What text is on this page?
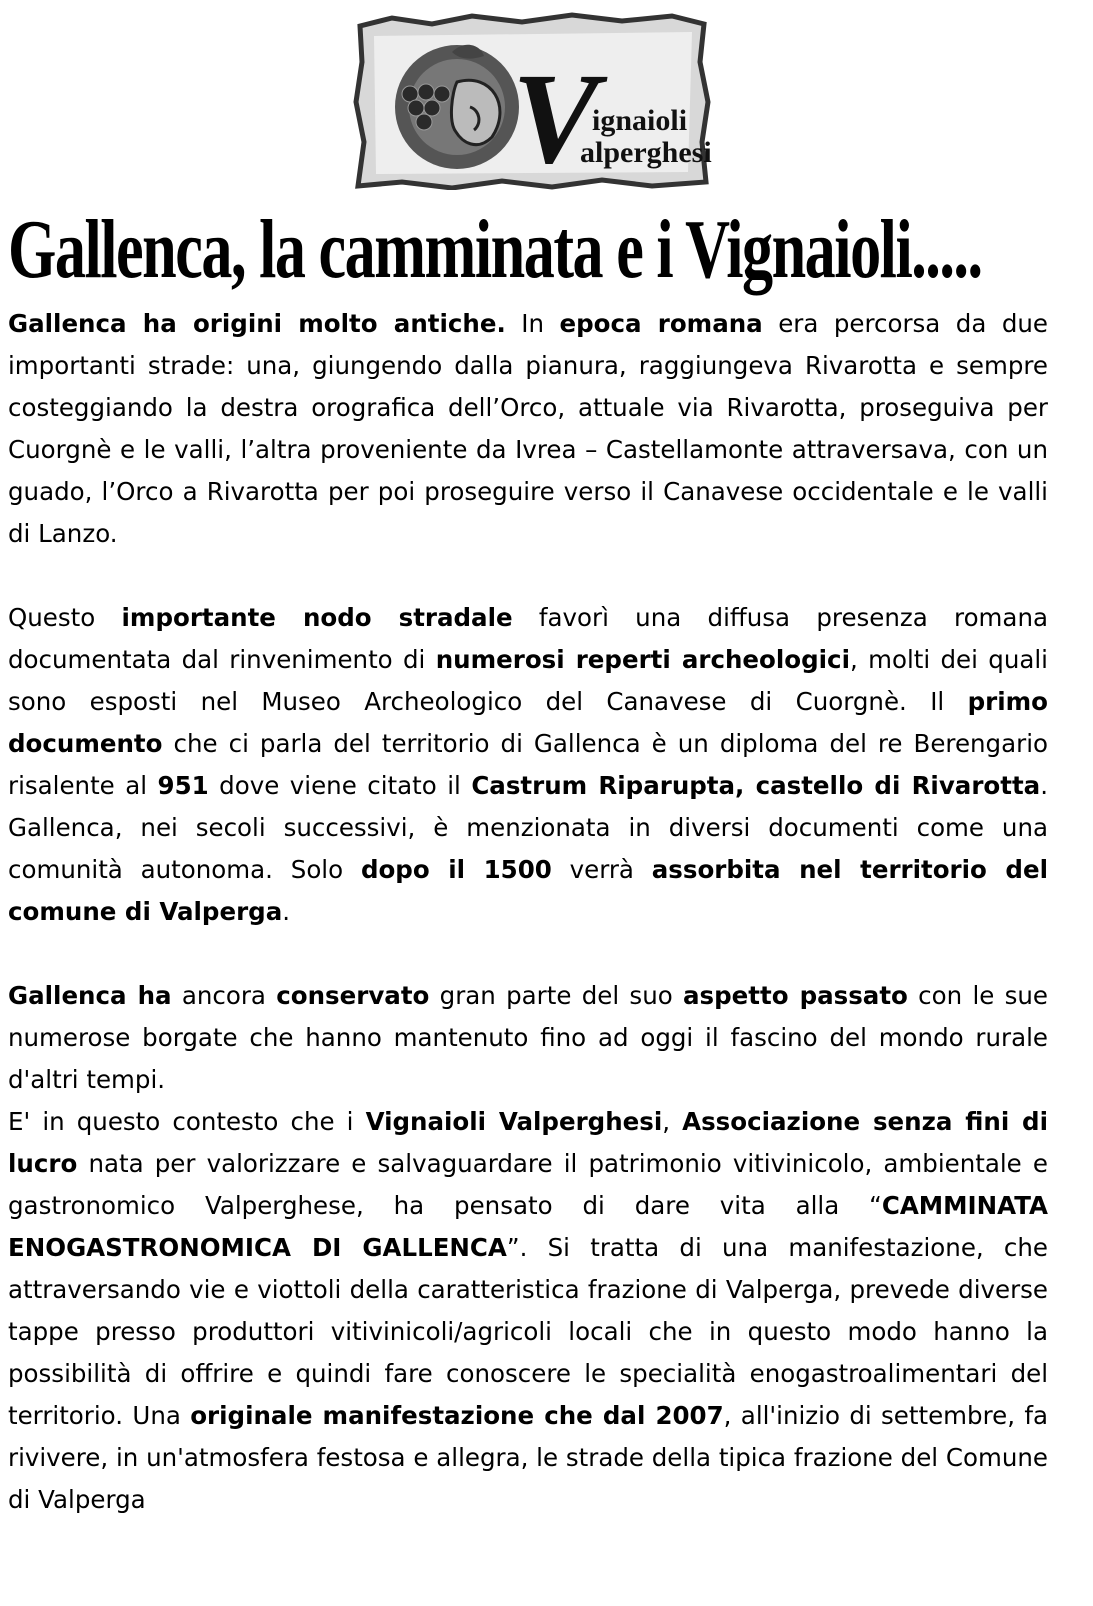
V
ignaioli
alperghesi
Gallenca, la camminata e i Vignaioli.....

Gallenca ha origini molto antiche. In epoca romana era percorsa da due importanti strade: una, giungendo dalla pianura, raggiungeva Rivarotta e sempre costeggiando la destra orografica dell’Orco, attuale via Rivarotta, proseguiva per Cuorgnè e le valli, l’altra proveniente da Ivrea – Castellamonte attraversava, con un guado, l’Orco a Rivarotta per poi proseguire verso il Canavese occidentale e le valli di Lanzo.

Questo importante nodo stradale favorì una diffusa presenza romana documentata dal rinvenimento di numerosi reperti archeologici, molti dei quali sono esposti nel Museo Archeologico del Canavese di Cuorgnè. Il primo documento che ci parla del territorio di Gallenca è un diploma del re Berengario risalente al 951 dove viene citato il Castrum Riparupta, castello di Rivarotta. Gallenca, nei secoli successivi, è menzionata in diversi documenti come una comunità autonoma. Solo dopo il 1500 verrà assorbita nel territorio del comune di Valperga.

Gallenca ha ancora conservato gran parte del suo aspetto passato con le sue numerose borgate che hanno mantenuto fino ad oggi il fascino del mondo rurale d'altri tempi.

E' in questo contesto che i Vignaioli Valperghesi, Associazione senza fini di lucro nata per valorizzare e salvaguardare il patrimonio vitivinicolo, ambientale e gastronomico Valperghese, ha pensato di dare vita alla “CAMMINATA ENOGASTRONOMICA DI GALLENCA”. Si tratta di una manifestazione, che attraversando vie e viottoli della caratteristica frazione di Valperga, prevede diverse tappe presso produttori vitivinicoli/agricoli locali che in questo modo hanno la possibilità di offrire e quindi fare conoscere le specialità enogastroalimentari del territorio. Una originale manifestazione che dal 2007, all'inizio di settembre, fa rivivere, in un'atmosfera festosa e allegra, le strade della tipica frazione del Comune di Valperga
